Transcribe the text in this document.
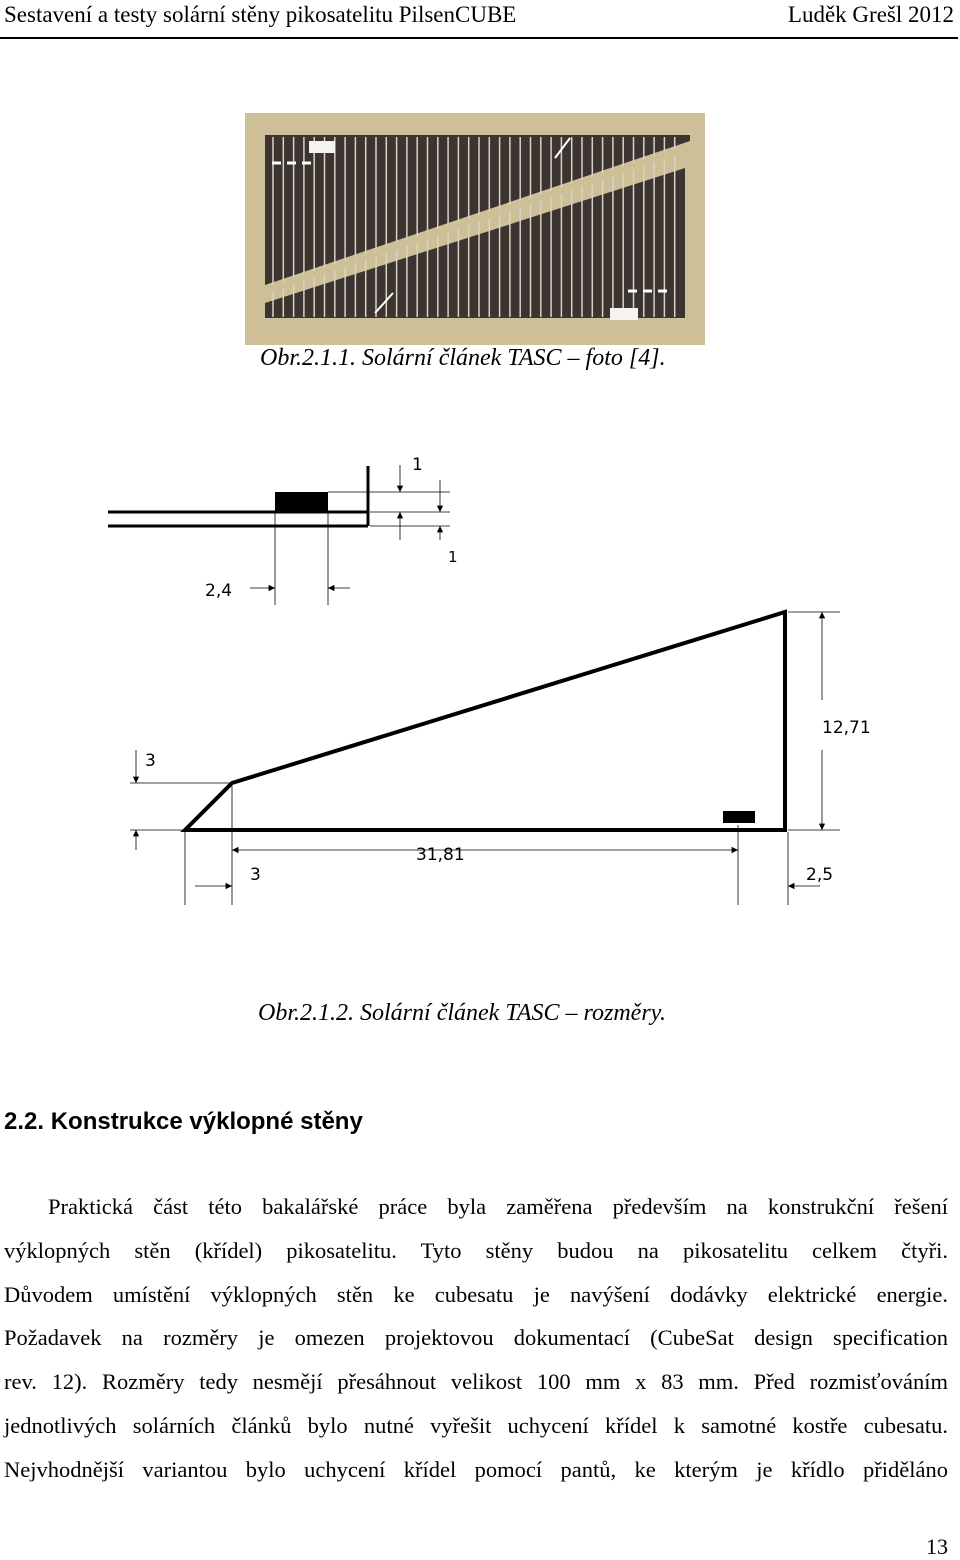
Sestavení a testy solární stěny pikosatelitu PilsenCUBE	Luděk Grešl 2012
Obr.2.1.1. Solární článek TASC – foto [4].
2,4
1
1
12,71
3
31,81
3	2,5
Obr.2.1.2. Solární článek TASC – rozměry.
2.2. Konstrukce výklopné stěny
Praktická část této bakalářské práce byla zaměřena především na konstrukční řešení
výklopných stěn (křídel) pikosatelitu. Tyto stěny budou na pikosatelitu celkem čtyři.
Důvodem umístění výklopných stěn ke cubesatu je navýšení dodávky elektrické energie.
Požadavek na rozměry je omezen projektovou dokumentací (CubeSat design specification
rev. 12). Rozměry tedy nesmějí přesáhnout velikost 100 mm x 83 mm. Před rozmisťováním
jednotlivých solárních článků bylo nutné vyřešit uchycení křídel k samotné kostře cubesatu.
Nejvhodnější variantou bylo uchycení křídel pomocí pantů, ke kterým je křídlo přiděláno
13
